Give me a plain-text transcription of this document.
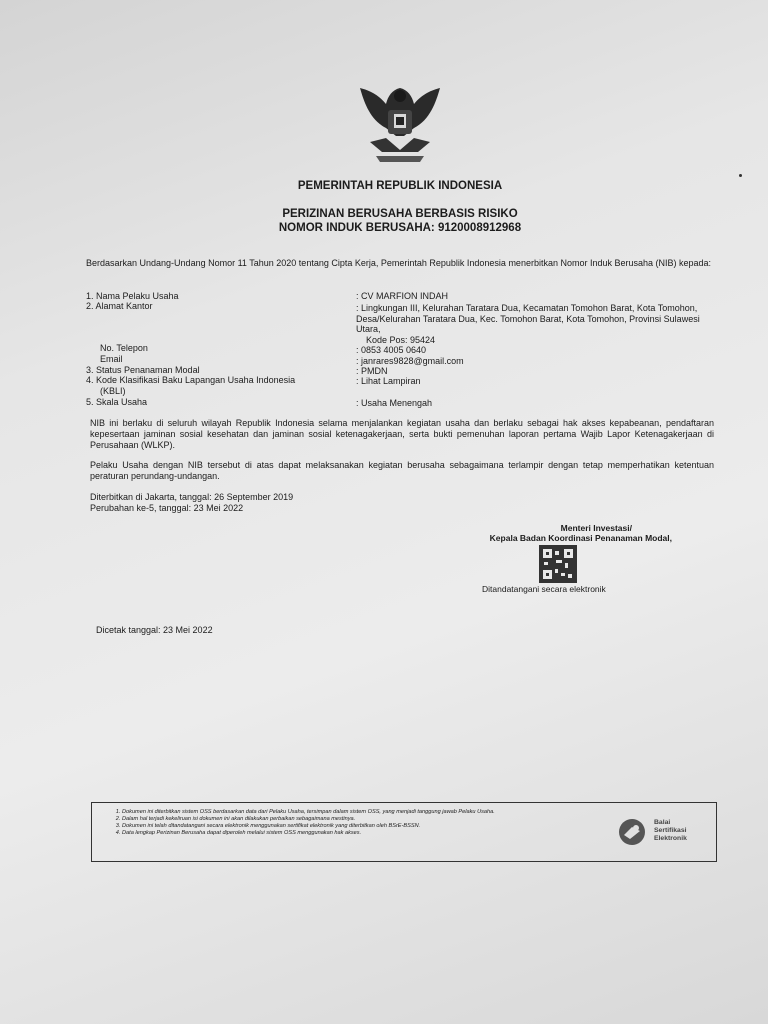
PEMERINTAH REPUBLIK INDONESIA
PERIZINAN BERUSAHA BERBASIS RISIKO
NOMOR INDUK BERUSAHA: 9120008912968
Berdasarkan Undang-Undang Nomor 11 Tahun 2020 tentang Cipta Kerja, Pemerintah Republik Indonesia menerbitkan Nomor Induk Berusaha (NIB) kepada:
1. Nama Pelaku Usaha	: CV MARFION INDAH
2. Alamat Kantor	: Lingkungan III, Kelurahan Taratara Dua, Kecamatan Tomohon Barat, Kota Tomohon, Desa/Kelurahan Taratara Dua, Kec. Tomohon Barat, Kota Tomohon, Provinsi Sulawesi Utara,
Kode Pos: 95424
No. Telepon	: 0853 4005 0640
Email	: janrares9828@gmail.com
3. Status Penanaman Modal	: PMDN
4. Kode Klasifikasi Baku Lapangan Usaha Indonesia	: Lihat Lampiran
(KBLI)
5. Skala Usaha	: Usaha Menengah
NIB ini berlaku di seluruh wilayah Republik Indonesia selama menjalankan kegiatan usaha dan berlaku sebagai hak akses kepabeanan, pendaftaran kepesertaan jaminan sosial kesehatan dan jaminan sosial ketenagakerjaan, serta bukti pemenuhan laporan pertama Wajib Lapor Ketenagakerjaan di Perusahaan (WLKP).
Pelaku Usaha dengan NIB tersebut di atas dapat melaksanakan kegiatan berusaha sebagaimana terlampir dengan tetap memperhatikan ketentuan peraturan perundang-undangan.
Diterbitkan di Jakarta, tanggal: 26 September 2019
Perubahan ke-5, tanggal: 23 Mei 2022
Menteri Investasi/
Kepala Badan Koordinasi Penanaman Modal,
Ditandatangani secara elektronik
Dicetak tanggal: 23 Mei 2022
1. Dokumen ini diterbitkan sistem OSS berdasarkan data dari Pelaku Usaha, tersimpan dalam sistem OSS, yang menjadi tanggung jawab Pelaku Usaha.
2. Dalam hal terjadi kekeliruan isi dokumen ini akan dilakukan perbaikan sebagaimana mestinya.
3. Dokumen ini telah ditandatangani secara elektronik menggunakan sertifikat elektronik yang diterbitkan oleh BSrE-BSSN.
4. Data lengkap Perizinan Berusaha dapat diperoleh melalui sistem OSS menggunakan hak akses.
Balai
Sertifikasi
Elektronik
